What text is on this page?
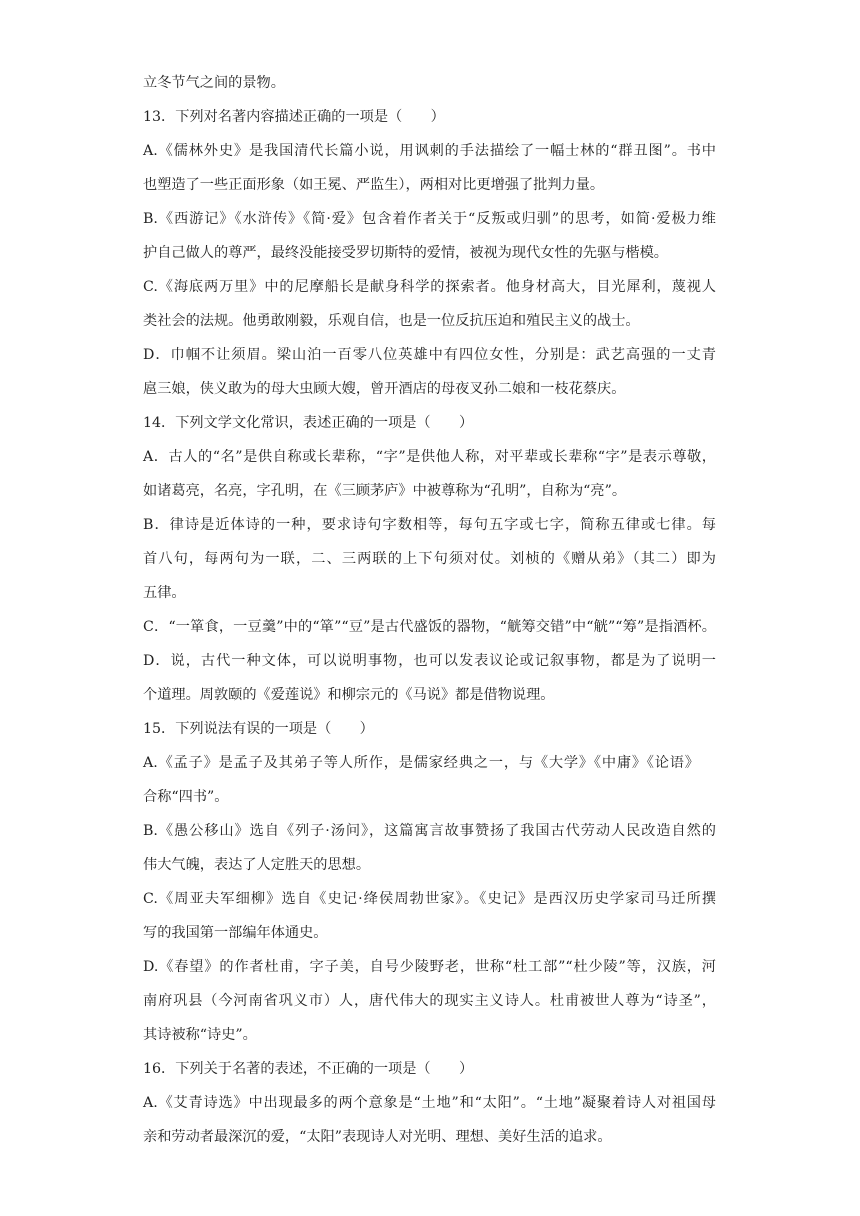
立冬节气之间的景物。
13．下列对名著内容描述正确的一项是（　　）
A.《儒林外史》是我国清代长篇小说，用讽刺的手法描绘了一幅士林的“群丑图”。书中
也塑造了一些正面形象（如王冕、严监生），两相对比更增强了批判力量。
B.《西游记》《水浒传》《简·爱》包含着作者关于“反叛或归驯”的思考，如简·爱极力维
护自己做人的尊严，最终没能接受罗切斯特的爱情，被视为现代女性的先驱与楷模。
C.《海底两万里》中的尼摩船长是献身科学的探索者。他身材高大，目光犀利，蔑视人
类社会的法规。他勇敢刚毅，乐观自信，也是一位反抗压迫和殖民主义的战士。
D．巾帼不让须眉。梁山泊一百零八位英雄中有四位女性，分别是：武艺高强的一丈青
扈三娘，侠义敢为的母大虫顾大嫂，曾开酒店的母夜叉孙二娘和一枝花蔡庆。
14．下列文学文化常识，表述正确的一项是（　　）
A．古人的“名”是供自称或长辈称，“字”是供他人称，对平辈或长辈称“字”是表示尊敬，
如诸葛亮，名亮，字孔明，在《三顾茅庐》中被尊称为“孔明”，自称为“亮”。
B．律诗是近体诗的一种，要求诗句字数相等，每句五字或七字，简称五律或七律。每
首八句，每两句为一联，二、三两联的上下句须对仗。刘桢的《赠从弟》（其二）即为
五律。
C．“一箪食，一豆羹”中的“箪”“豆”是古代盛饭的器物，“觥筹交错”中“觥”“筹”是指酒杯。
D．说，古代一种文体，可以说明事物，也可以发表议论或记叙事物，都是为了说明一
个道理。周敦颐的《爱莲说》和柳宗元的《马说》都是借物说理。
15．下列说法有误的一项是（　　）
A.《孟子》是孟子及其弟子等人所作，是儒家经典之一，与《大学》《中庸》《论语》
合称“四书”。
B.《愚公移山》选自《列子·汤问》，这篇寓言故事赞扬了我国古代劳动人民改造自然的
伟大气魄，表达了人定胜天的思想。
C.《周亚夫军细柳》选自《史记·绛侯周勃世家》。《史记》是西汉历史学家司马迁所撰
写的我国第一部编年体通史。
D.《春望》的作者杜甫，字子美，自号少陵野老，世称“杜工部”“杜少陵”等，汉族，河
南府巩县（今河南省巩义市）人，唐代伟大的现实主义诗人。杜甫被世人尊为“诗圣”，
其诗被称“诗史”。
16．下列关于名著的表述，不正确的一项是（　　）
A.《艾青诗选》中出现最多的两个意象是“土地”和“太阳”。“土地”凝聚着诗人对祖国母
亲和劳动者最深沉的爱，“太阳”表现诗人对光明、理想、美好生活的追求。
